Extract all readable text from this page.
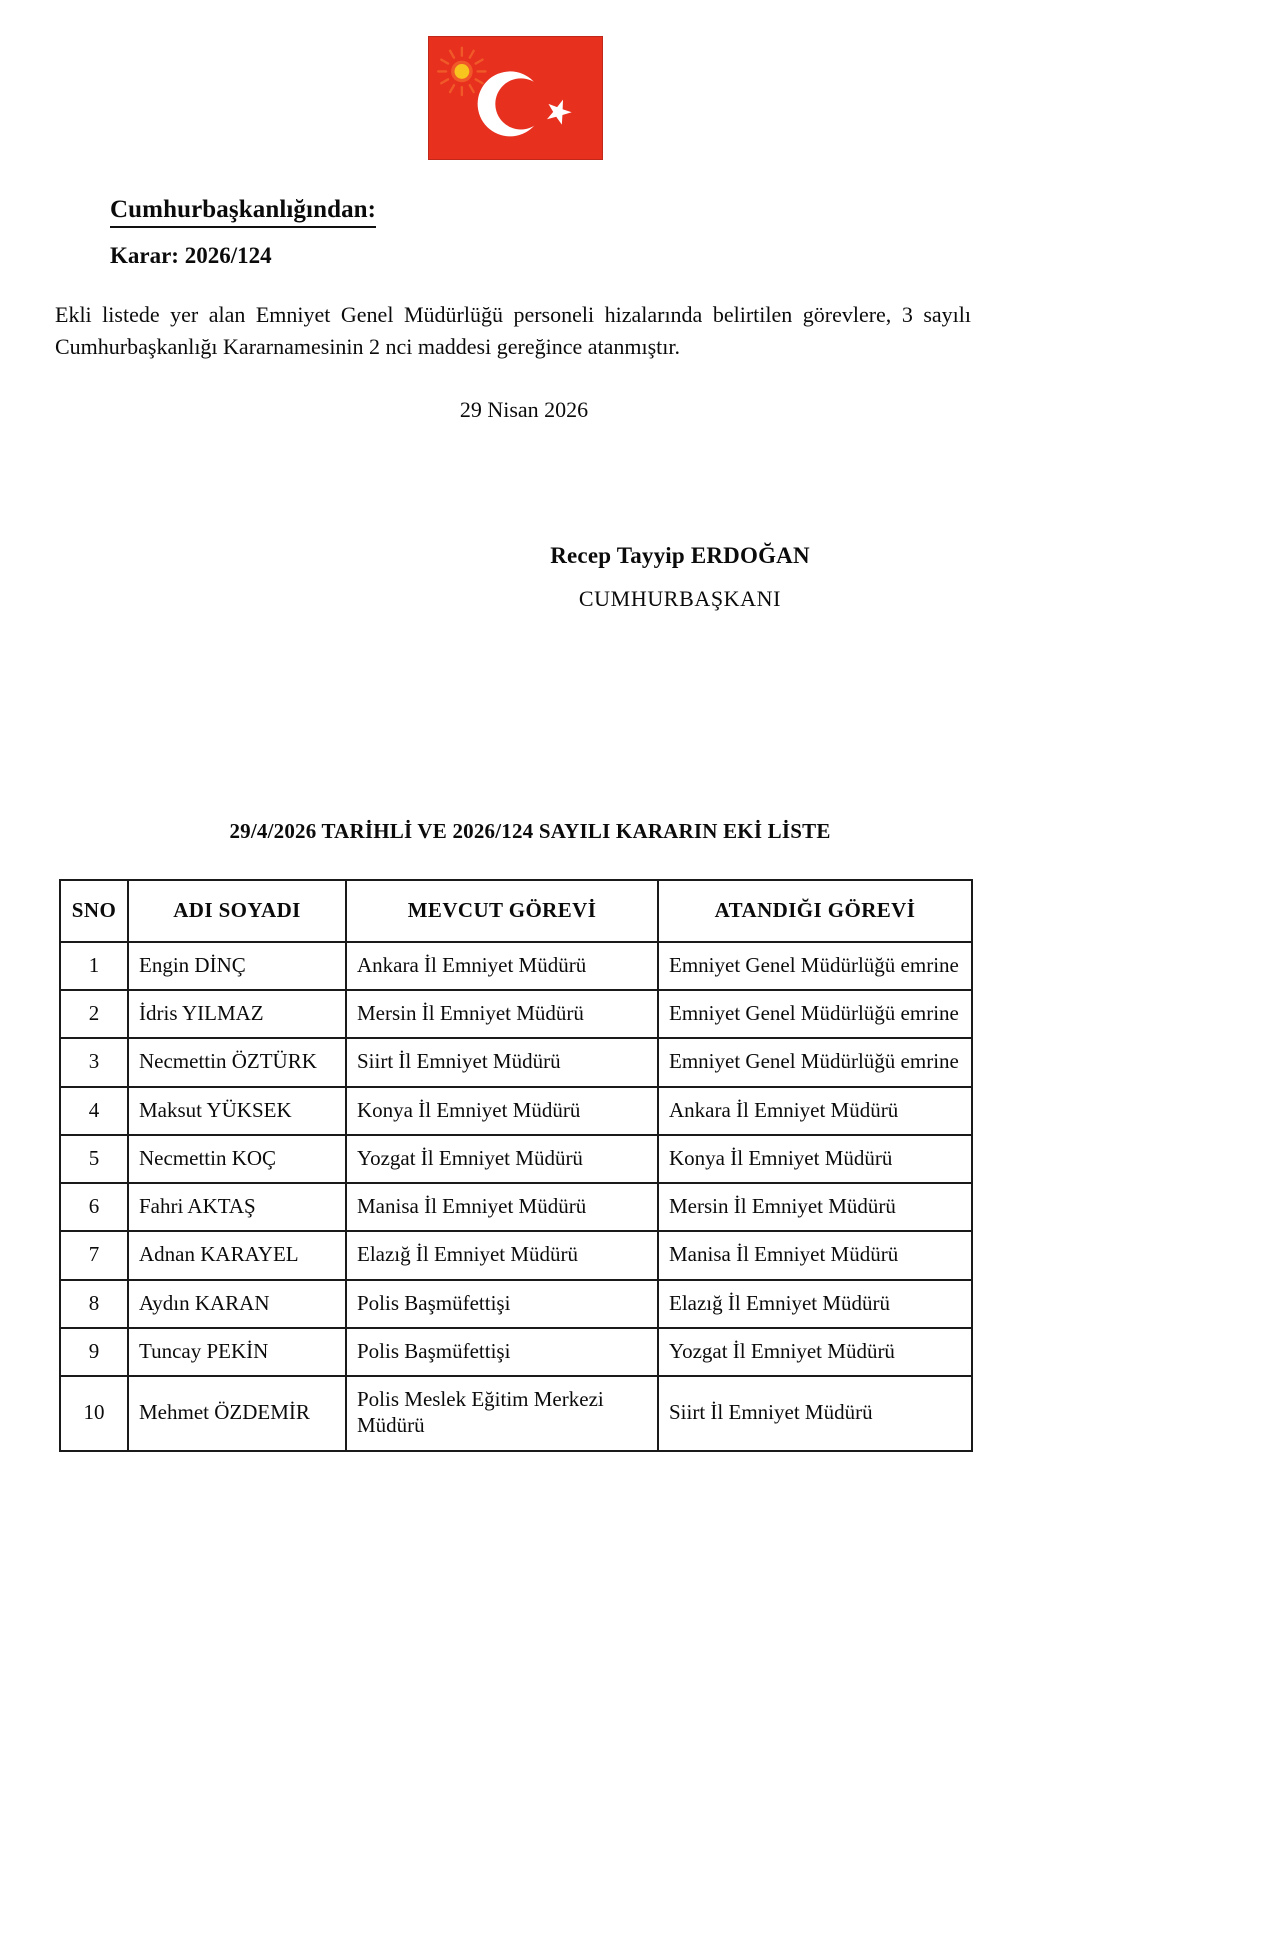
Cumhurbaşkanlığından:
Karar: 2026/124

Ekli listede yer alan Emniyet Genel Müdürlüğü personeli hizalarında belirtilen görevlere, 3 sayılı Cumhurbaşkanlığı Kararnamesinin 2 nci maddesi gereğince atanmıştır.

29 Nisan 2026
Recep Tayyip ERDOĞAN
CUMHURBAŞKANI
29/4/2026 TARİHLİ VE 2026/124 SAYILI KARARIN EKİ LİSTE
SNO	ADI SOYADI	MEVCUT GÖREVİ	ATANDIĞI GÖREVİ
1	Engin DİNÇ	Ankara İl Emniyet Müdürü	Emniyet Genel Müdürlüğü emrine
2	İdris YILMAZ	Mersin İl Emniyet Müdürü	Emniyet Genel Müdürlüğü emrine
3	Necmettin ÖZTÜRK	Siirt İl Emniyet Müdürü	Emniyet Genel Müdürlüğü emrine
4	Maksut YÜKSEK	Konya İl Emniyet Müdürü	Ankara İl Emniyet Müdürü
5	Necmettin KOÇ	Yozgat İl Emniyet Müdürü	Konya İl Emniyet Müdürü
6	Fahri AKTAŞ	Manisa İl Emniyet Müdürü	Mersin İl Emniyet Müdürü
7	Adnan KARAYEL	Elazığ İl Emniyet Müdürü	Manisa İl Emniyet Müdürü
8	Aydın KARAN	Polis Başmüfettişi	Elazığ İl Emniyet Müdürü
9	Tuncay PEKİN	Polis Başmüfettişi	Yozgat İl Emniyet Müdürü
10	Mehmet ÖZDEMİR	Polis Meslek Eğitim Merkezi Müdürü	Siirt İl Emniyet Müdürü
